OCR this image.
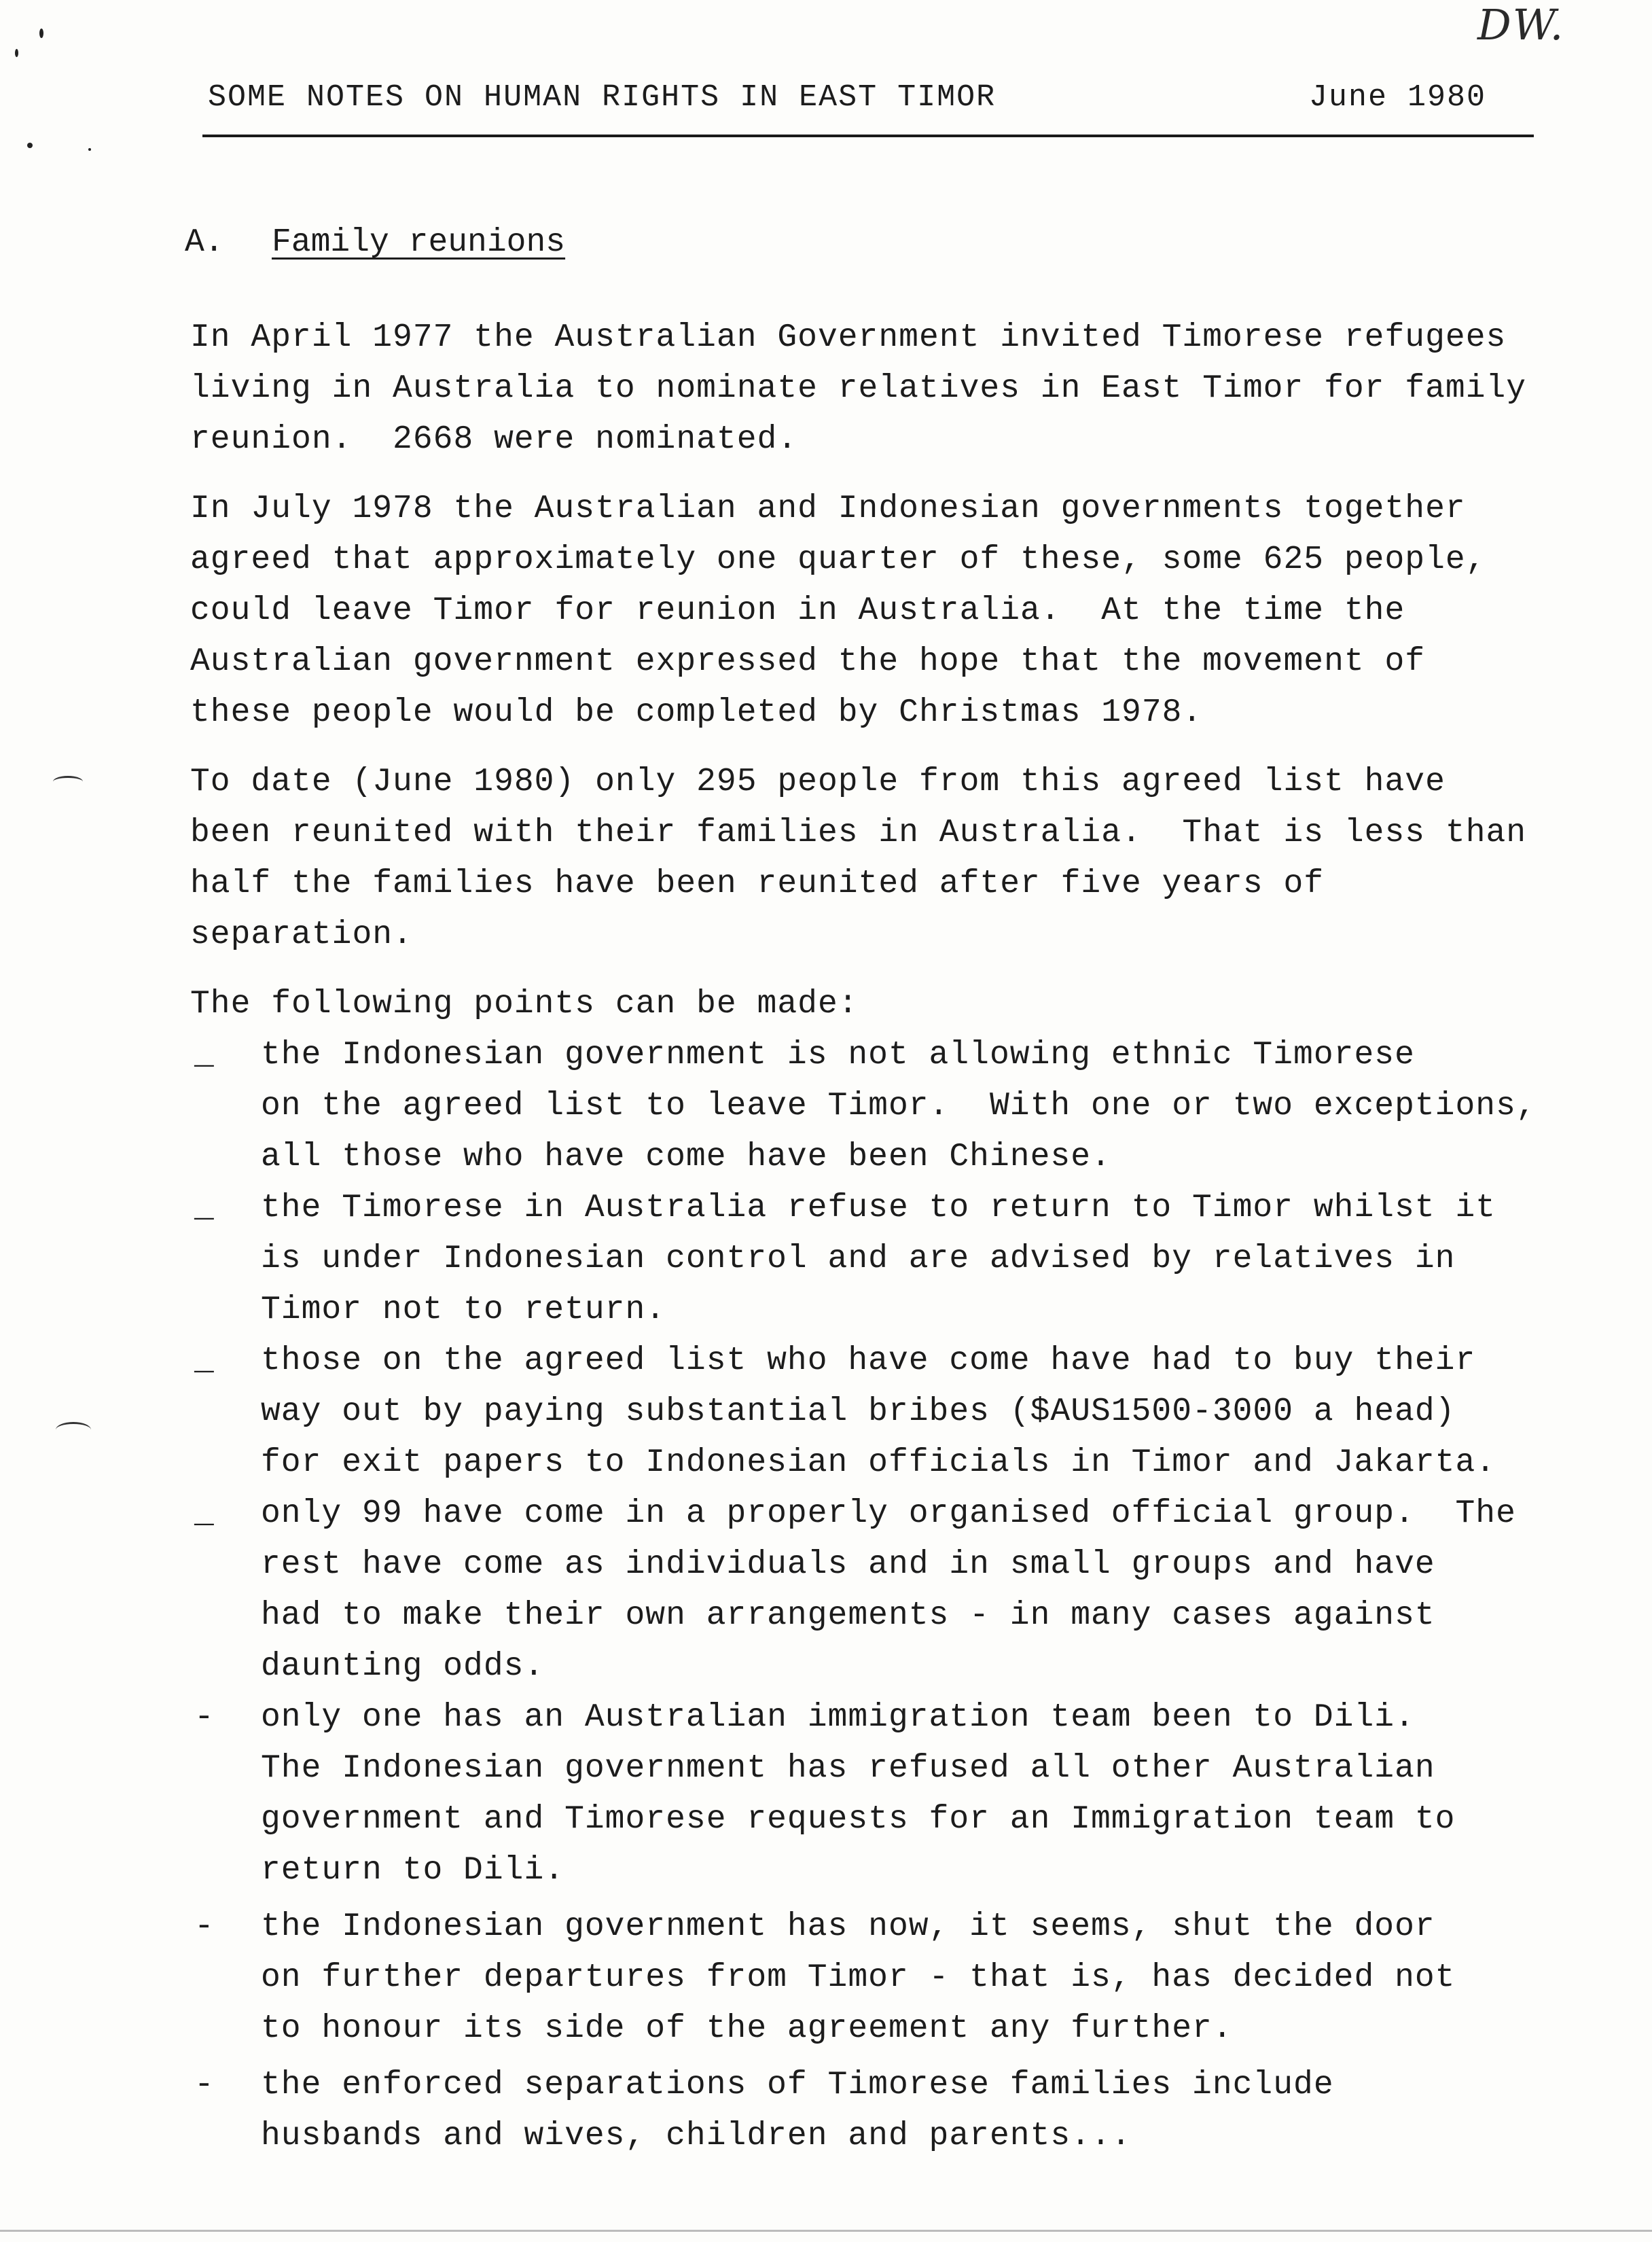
DW.
SOME NOTES ON HUMAN RIGHTS IN EAST TIMOR	June 1980
A. Family reunions
In April 1977 the Australian Government invited Timorese refugees
living in Australia to nominate relatives in East Timor for family
reunion.  2668 were nominated.
In July 1978 the Australian and Indonesian governments together
agreed that approximately one quarter of these, some 625 people,
could leave Timor for reunion in Australia.  At the time the
Australian government expressed the hope that the movement of
these people would be completed by Christmas 1978.
To date (June 1980) only 295 people from this agreed list have
been reunited with their families in Australia.  That is less than
half the families have been reunited after five years of
separation.
The following points can be made:
_ the Indonesian government is not allowing ethnic Timorese
on the agreed list to leave Timor.  With one or two exceptions,
all those who have come have been Chinese.
_ the Timorese in Australia refuse to return to Timor whilst it
is under Indonesian control and are advised by relatives in
Timor not to return.
_ those on the agreed list who have come have had to buy their
way out by paying substantial bribes ($AUS1500-3000 a head)
for exit papers to Indonesian officials in Timor and Jakarta.
_ only 99 have come in a properly organised official group.  The
rest have come as individuals and in small groups and have
had to make their own arrangements - in many cases against
daunting odds.
- only one has an Australian immigration team been to Dili.
The Indonesian government has refused all other Australian
government and Timorese requests for an Immigration team to
return to Dili.
- the Indonesian government has now, it seems, shut the door
on further departures from Timor - that is, has decided not
to honour its side of the agreement any further.
- the enforced separations of Timorese families include
husbands and wives, children and parents...
